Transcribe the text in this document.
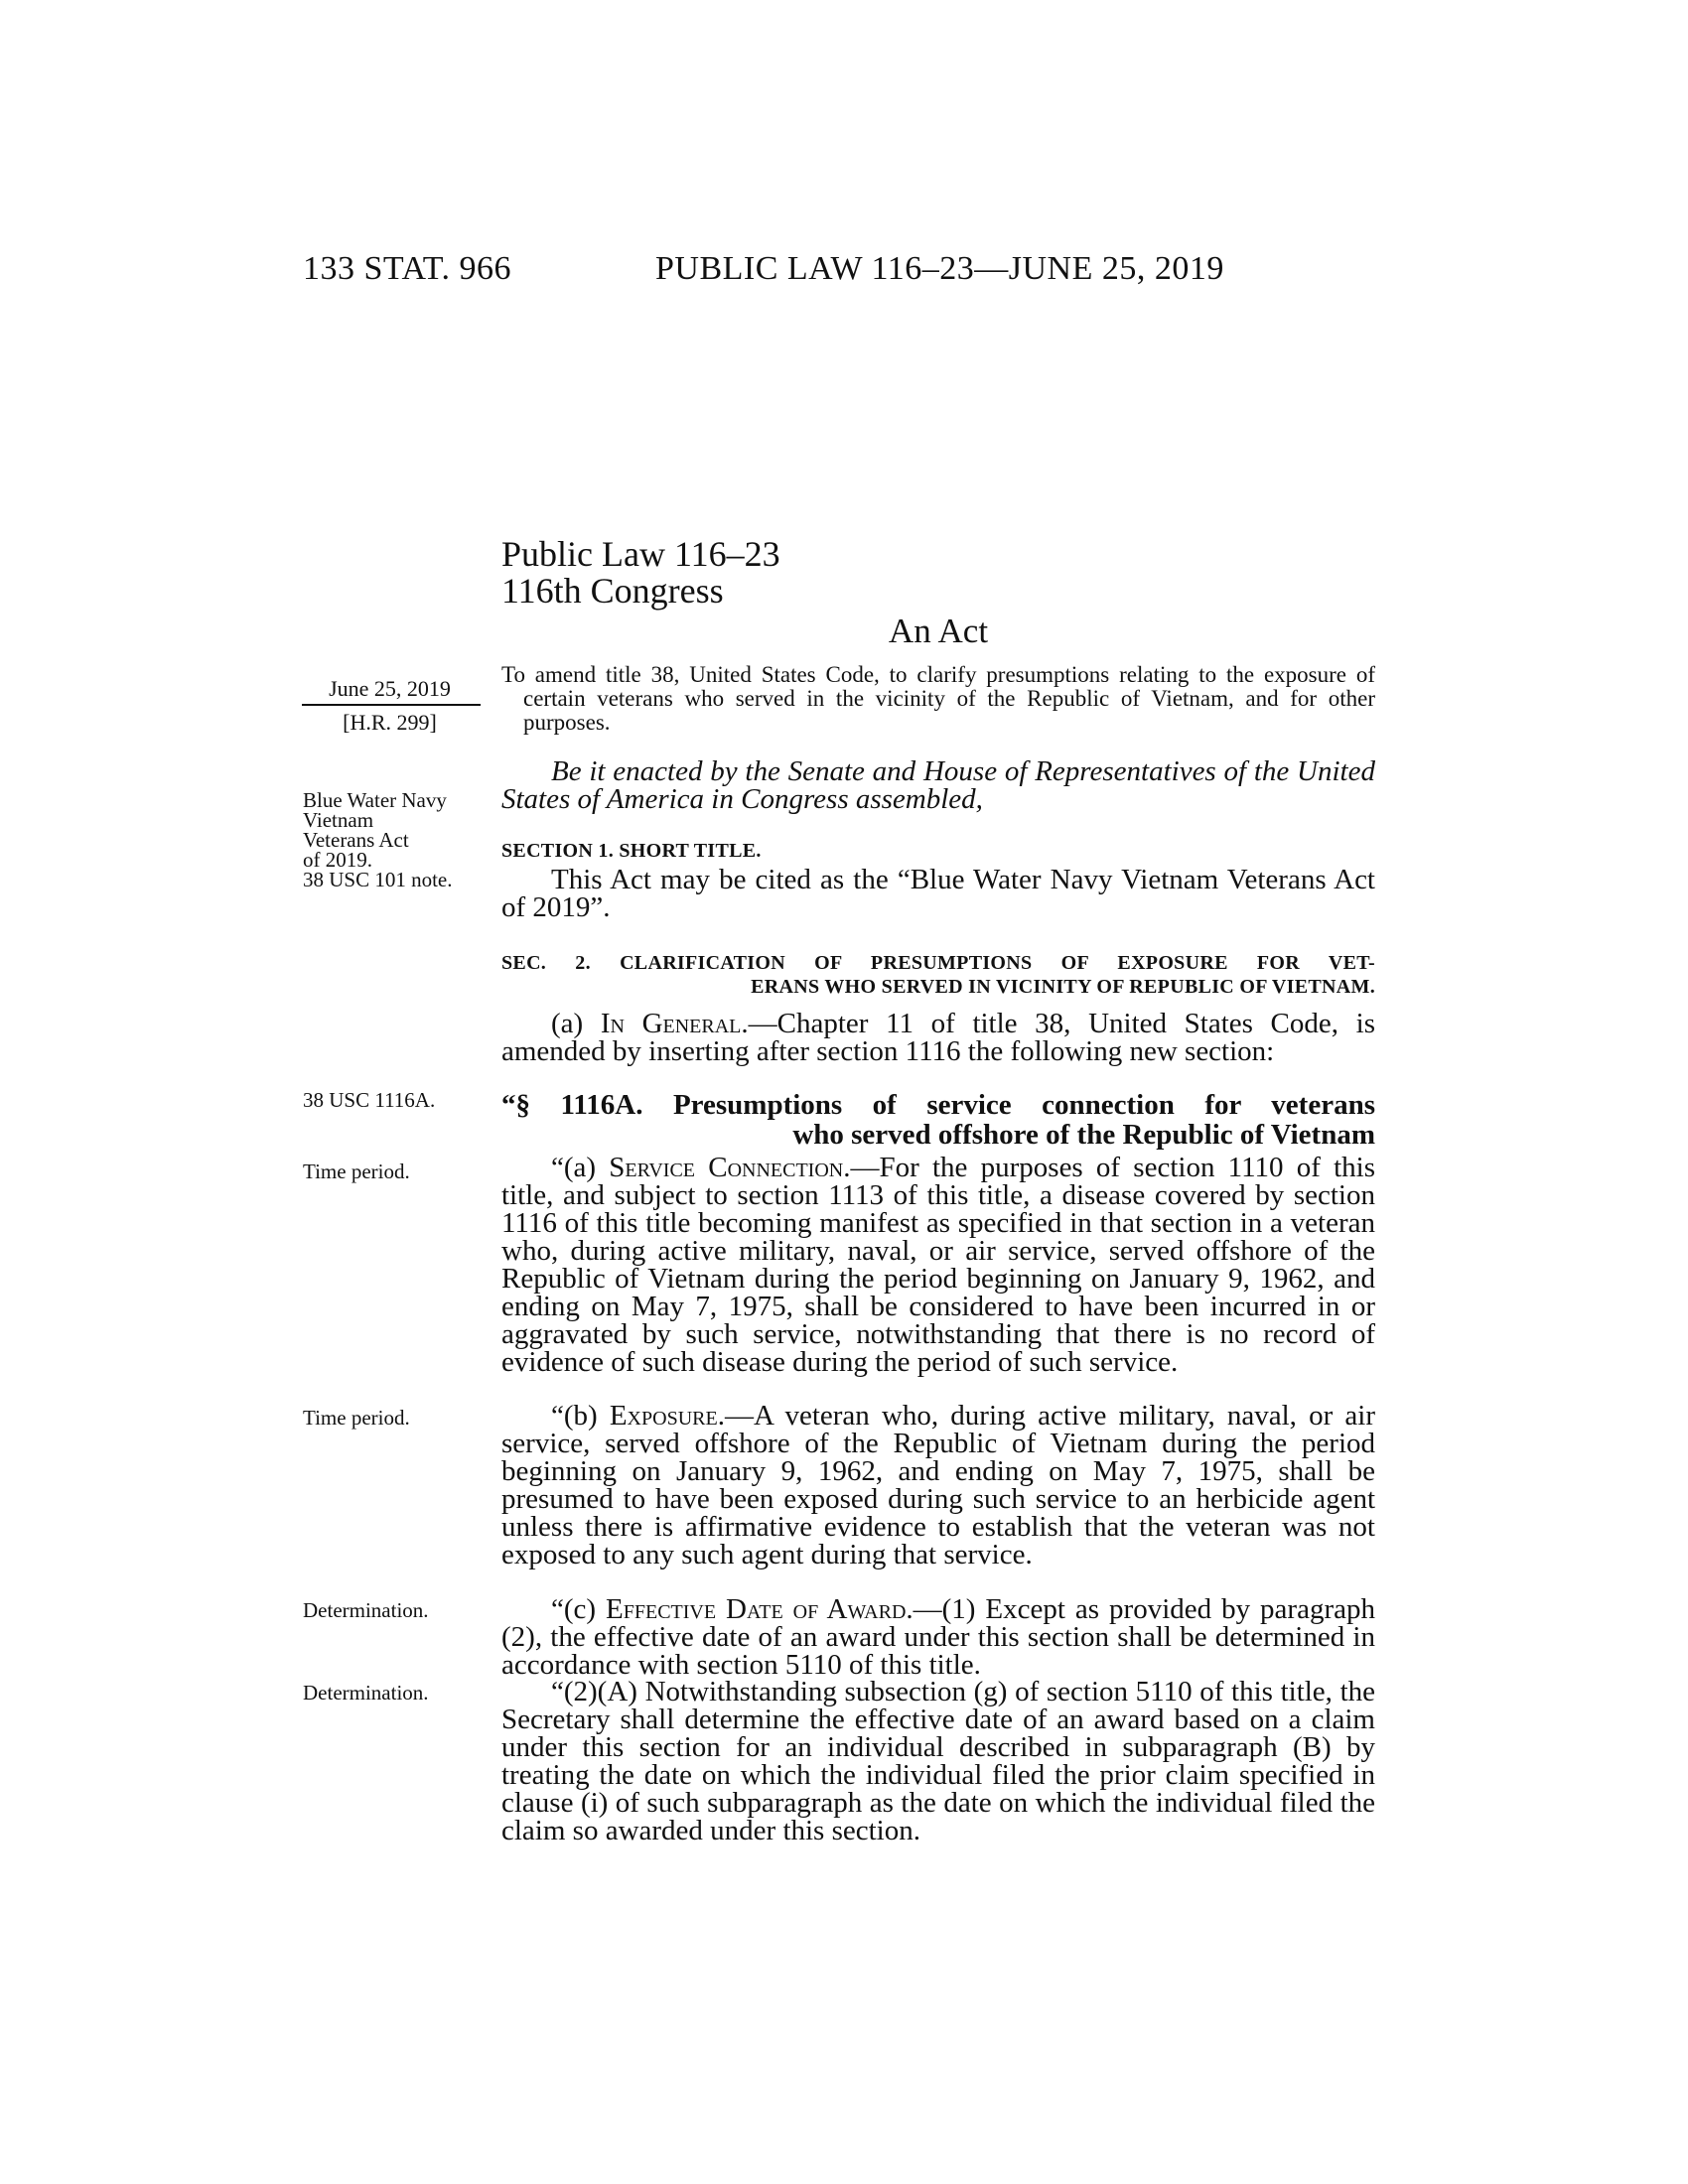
133 STAT. 966	PUBLIC LAW 116–23—JUNE 25, 2019

Public Law 116–23

116th Congress

An Act

June 25, 2019

[H.R. 299]

To amend title 38, United States Code, to clarify presumptions relating to the exposure of certain veterans who served in the vicinity of the Republic of Vietnam, and for other purposes.

Be it enacted by the Senate and House of Representatives of the United States of America in Congress assembled,

Blue Water Navy
Vietnam
Veterans Act
of 2019.
38 USC 101 note.

38 USC 1116A.

Time period.

Time period.

Determination.

Determination.

SECTION 1. SHORT TITLE.

This Act may be cited as the “Blue Water Navy Vietnam Veterans Act of 2019”.

SEC. 2. CLARIFICATION OF PRESUMPTIONS OF EXPOSURE FOR VET-
ERANS WHO SERVED IN VICINITY OF REPUBLIC OF VIETNAM.

(a) In General.—Chapter 11 of title 38, United States Code, is amended by inserting after section 1116 the following new section:

“§ 1116A. Presumptions of service connection for veterans
who served offshore of the Republic of Vietnam

“(a) Service Connection.—For the purposes of section 1110 of this title, and subject to section 1113 of this title, a disease covered by section 1116 of this title becoming manifest as specified in that section in a veteran who, during active military, naval, or air service, served offshore of the Republic of Vietnam during the period beginning on January 9, 1962, and ending on May 7, 1975, shall be considered to have been incurred in or aggravated by such service, notwithstanding that there is no record of evidence of such disease during the period of such service.

“(b) Exposure.—A veteran who, during active military, naval, or air service, served offshore of the Republic of Vietnam during the period beginning on January 9, 1962, and ending on May 7, 1975, shall be presumed to have been exposed during such service to an herbicide agent unless there is affirmative evidence to establish that the veteran was not exposed to any such agent during that service.

“(c) Effective Date of Award.—(1) Except as provided by paragraph (2), the effective date of an award under this section shall be determined in accordance with section 5110 of this title.

“(2)(A) Notwithstanding subsection (g) of section 5110 of this title, the Secretary shall determine the effective date of an award based on a claim under this section for an individual described in subparagraph (B) by treating the date on which the individual filed the prior claim specified in clause (i) of such subparagraph as the date on which the individual filed the claim so awarded under this section.
